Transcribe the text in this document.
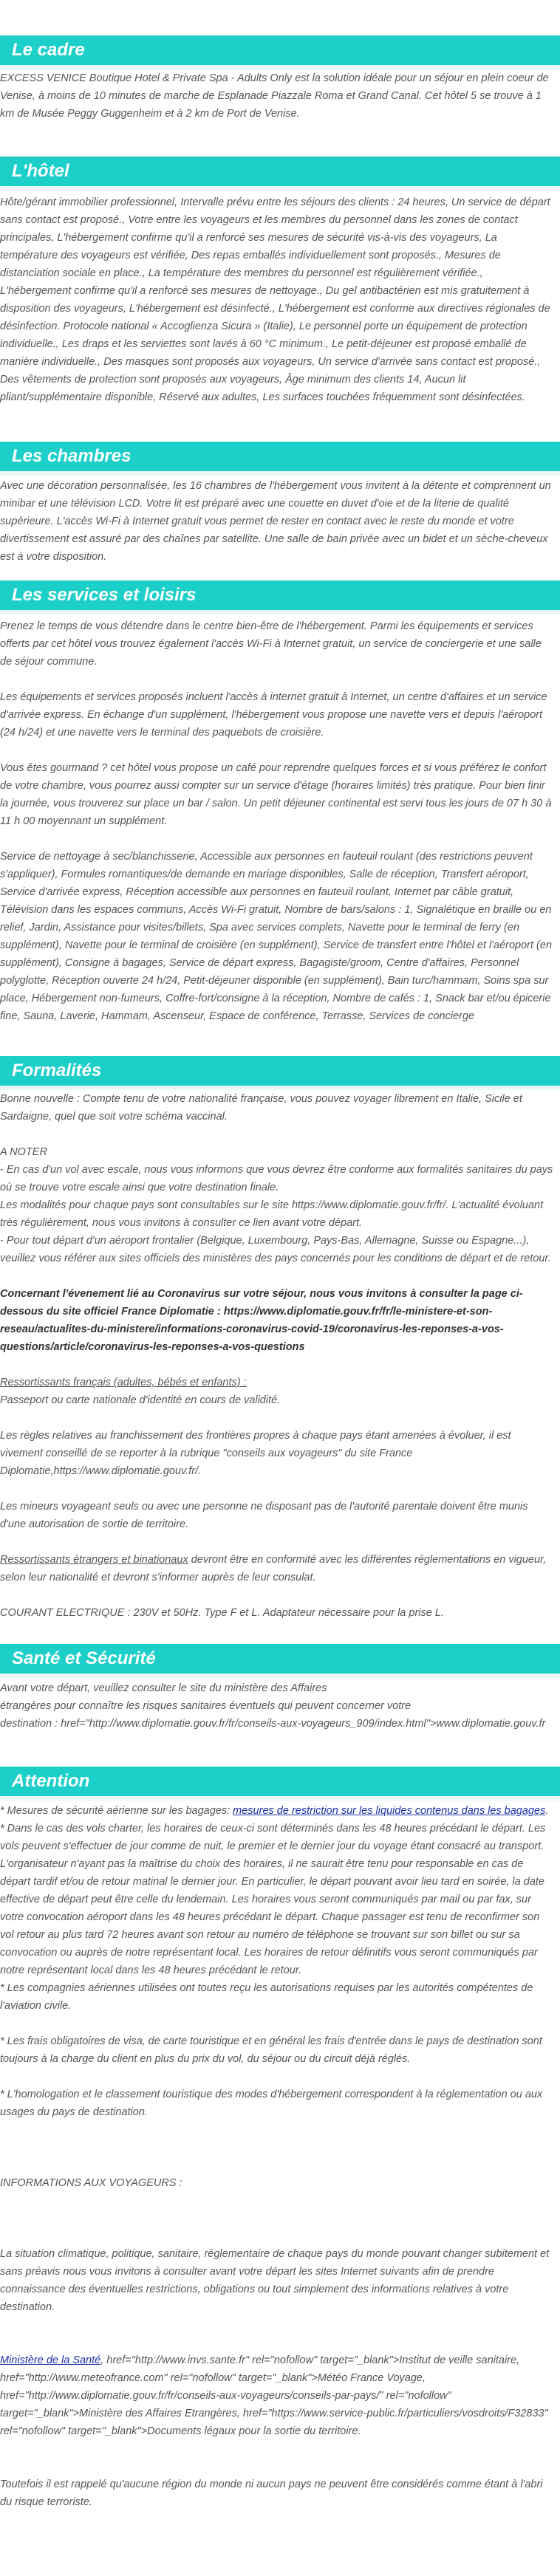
Le cadre
EXCESS VENICE Boutique Hotel & Private Spa - Adults Only est la solution idéale pour un séjour en plein coeur de Venise, à moins de 10 minutes de marche de Esplanade Piazzale Roma et Grand Canal. Cet hôtel 5 se trouve à 1 km de Musée Peggy Guggenheim et à 2 km de Port de Venise.
L'hôtel
Hôte/gérant immobilier professionnel, Intervalle prévu entre les séjours des clients : 24 heures, Un service de départ sans contact est proposé., Votre entre les voyageurs et les membres du personnel dans les zones de contact principales, L'hébergement confirme qu'il a renforcé ses mesures de sécurité vis-à-vis des voyageurs, La température des voyageurs est vérifiée, Des repas emballés individuellement sont proposés., Mesures de distanciation sociale en place., La température des membres du personnel est régulièrement vérifiée., L'hébergement confirme qu'il a renforcé ses mesures de nettoyage., Du gel antibactérien est mis gratuitement à disposition des voyageurs, L'hébergement est désinfecté., L'hébergement est conforme aux directives régionales de désinfection. Protocole national « Accoglienza Sicura » (Italie), Le personnel porte un équipement de protection individuelle., Les draps et les serviettes sont lavés à 60 °C minimum., Le petit-déjeuner est proposé emballé de manière individuelle., Des masques sont proposés aux voyageurs, Un service d'arrivée sans contact est proposé., Des vêtements de protection sont proposés aux voyageurs, Âge minimum des clients 14, Aucun lit pliant/supplémentaire disponible, Réservé aux adultes, Les surfaces touchées fréquemment sont désinfectées.
Les chambres
Avec une décoration personnalisée, les 16 chambres de l'hébergement vous invitent à la détente et comprennent un minibar et une télévision LCD. Votre lit est préparé avec une couette en duvet d'oie et de la literie de qualité supérieure. L'accès Wi-Fi à Internet gratuit vous permet de rester en contact avec le reste du monde et votre divertissement est assuré par des chaînes par satellite. Une salle de bain privée avec un bidet et un sèche-cheveux est à votre disposition.
Les services et loisirs

Prenez le temps de vous détendre dans le centre bien-être de l'hébergement. Parmi les équipements et services offerts par cet hôtel vous trouvez également l'accès Wi-Fi à Internet gratuit, un service de conciergerie et une salle de séjour commune.

Les équipements et services proposés incluent l'accès à internet gratuit à Internet, un centre d'affaires et un service d'arrivée express. En échange d'un supplément, l'hébergement vous propose une navette vers et depuis l'aéroport (24 h/24) et une navette vers le terminal des paquebots de croisière.

Vous êtes gourmand ? cet hôtel vous propose un café pour reprendre quelques forces et si vous préférez le confort de votre chambre, vous pourrez aussi compter sur un service d'étage (horaires limités) très pratique. Pour bien finir la journée, vous trouverez sur place un bar / salon. Un petit déjeuner continental est servi tous les jours de 07 h 30 à 11 h 00 moyennant un supplément.

Service de nettoyage à sec/blanchisserie, Accessible aux personnes en fauteuil roulant (des restrictions peuvent s'appliquer), Formules romantiques/de demande en mariage disponibles, Salle de réception, Transfert aéroport, Service d'arrivée express, Réception accessible aux personnes en fauteuil roulant, Internet par câble gratuit, Télévision dans les espaces communs, Accès Wi-Fi gratuit, Nombre de bars/salons : 1, Signalétique en braille ou en relief, Jardin, Assistance pour visites/billets, Spa avec services complets, Navette pour le terminal de ferry (en supplément), Navette pour le terminal de croisière (en supplément), Service de transfert entre l'hôtel et l'aéroport (en supplément), Consigne à bagages, Service de départ express, Bagagiste/groom, Centre d'affaires, Personnel polyglotte, Réception ouverte 24 h/24, Petit-déjeuner disponible (en supplément), Bain turc/hammam, Soins spa sur place, Hébergement non-fumeurs, Coffre-fort/consigne à la réception, Nombre de cafés : 1, Snack bar et/ou épicerie fine, Sauna, Laverie, Hammam, Ascenseur, Espace de conférence, Terrasse, Services de concierge

Formalités

Bonne nouvelle : Compte tenu de votre nationalité française, vous pouvez voyager librement en Italie, Sicile et Sardaigne, quel que soit votre schéma vaccinal.

A NOTER

- En cas d'un vol avec escale, nous vous informons que vous devrez être conforme aux formalités sanitaires du pays où se trouve votre escale ainsi que votre destination finale.

Les modalités pour chaque pays sont consultables sur le site https://www.diplomatie.gouv.fr/fr/. L'actualité évoluant très régulièrement, nous vous invitons à consulter ce lien avant votre départ.

- Pour tout départ d'un aéroport frontalier (Belgique, Luxembourg, Pays-Bas, Allemagne, Suisse ou Espagne...), veuillez vous référer aux sites officiels des ministères des pays concernés pour les conditions de départ et de retour.

Concernant l'évenement lié au Coronavirus sur votre séjour, nous vous invitons à consulter la page ci-dessous du site officiel France Diplomatie : https://www.diplomatie.gouv.fr/fr/le-ministere-et-son-reseau/actualites-du-ministere/informations-coronavirus-covid-19/coronavirus-les-reponses-a-vos-questions/article/coronavirus-les-reponses-a-vos-questions

Ressortissants français (adultes, bébés et enfants) :

Passeport ou carte nationale d'identité en cours de validité.

Les règles relatives au franchissement des frontières propres à chaque pays étant amenées à évoluer, il est vivement conseillé de se reporter à la rubrique "conseils aux voyageurs" du site France Diplomatie,https://www.diplomatie.gouv.fr/.

Les mineurs voyageant seuls ou avec une personne ne disposant pas de l'autorité parentale doivent être munis d'une autorisation de sortie de territoire.

Ressortissants étrangers et binationaux devront être en conformité avec les différentes réglementations en vigueur, selon leur nationalité et devront s'informer auprès de leur consulat.

COURANT ELECTRIQUE : 230V et 50Hz. Type F et L. Adaptateur nécessaire pour la prise L.

Santé et Sécurité

Avant votre départ, veuillez consulter le site du ministère des Affaires

étrangères pour connaître les risques sanitaires éventuels qui peuvent concerner votre

destination : href="http://www.diplomatie.gouv.fr/fr/conseils-aux-voyageurs_909/index.html">www.diplomatie.gouv.fr

Attention

* Mesures de sécurité aérienne sur les bagages: mesures de restriction sur les liquides contenus dans les bagages.

* Dans le cas des vols charter, les horaires de ceux-ci sont déterminés dans les 48 heures précédant le départ. Les vols peuvent s'effectuer de jour comme de nuit, le premier et le dernier jour du voyage étant consacré au transport. L'organisateur n'ayant pas la maîtrise du choix des horaires, il ne saurait être tenu pour responsable en cas de départ tardif et/ou de retour matinal le dernier jour. En particulier, le départ pouvant avoir lieu tard en soirée, la date effective de départ peut être celle du lendemain. Les horaires vous seront communiqués par mail ou par fax, sur votre convocation aéroport dans les 48 heures précédant le départ. Chaque passager est tenu de reconfirmer son vol retour au plus tard 72 heures avant son retour au numéro de téléphone se trouvant sur son billet ou sur sa convocation ou auprès de notre représentant local. Les horaires de retour définitifs vous seront communiqués par notre représentant local dans les 48 heures précédant le retour.

* Les compagnies aériennes utilisées ont toutes reçu les autorisations requises par les autorités compétentes de l'aviation civile.

* Les frais obligatoires de visa, de carte touristique et en général les frais d'entrée dans le pays de destination sont toujours à la charge du client en plus du prix du vol, du séjour ou du circuit déjà réglés.

* L'homologation et le classement touristique des modes d'hébergement correspondent à la réglementation ou aux usages du pays de destination.

INFORMATIONS AUX VOYAGEURS :

La situation climatique, politique, sanitaire, réglementaire de chaque pays du monde pouvant changer subitement et sans préavis nous vous invitons à consulter avant votre départ les sites Internet suivants afin de prendre connaissance des éventuelles restrictions, obligations ou tout simplement des informations relatives à votre destination.

Ministère de la Santé, href="http://www.invs.sante.fr" rel="nofollow" target="_blank">Institut de veille sanitaire, href="http://www.meteofrance.com" rel="nofollow" target="_blank">Météo France Voyage, href="http://www.diplomatie.gouv.fr/fr/conseils-aux-voyageurs/conseils-par-pays/" rel="nofollow" target="_blank">Ministère des Affaires Etrangères, href="https://www.service-public.fr/particuliers/vosdroits/F32833" rel="nofollow" target="_blank">Documents légaux pour la sortie du territoire.

Toutefois il est rappelé qu'aucune région du monde ni aucun pays ne peuvent être considérés comme étant à l'abri du risque terroriste.
